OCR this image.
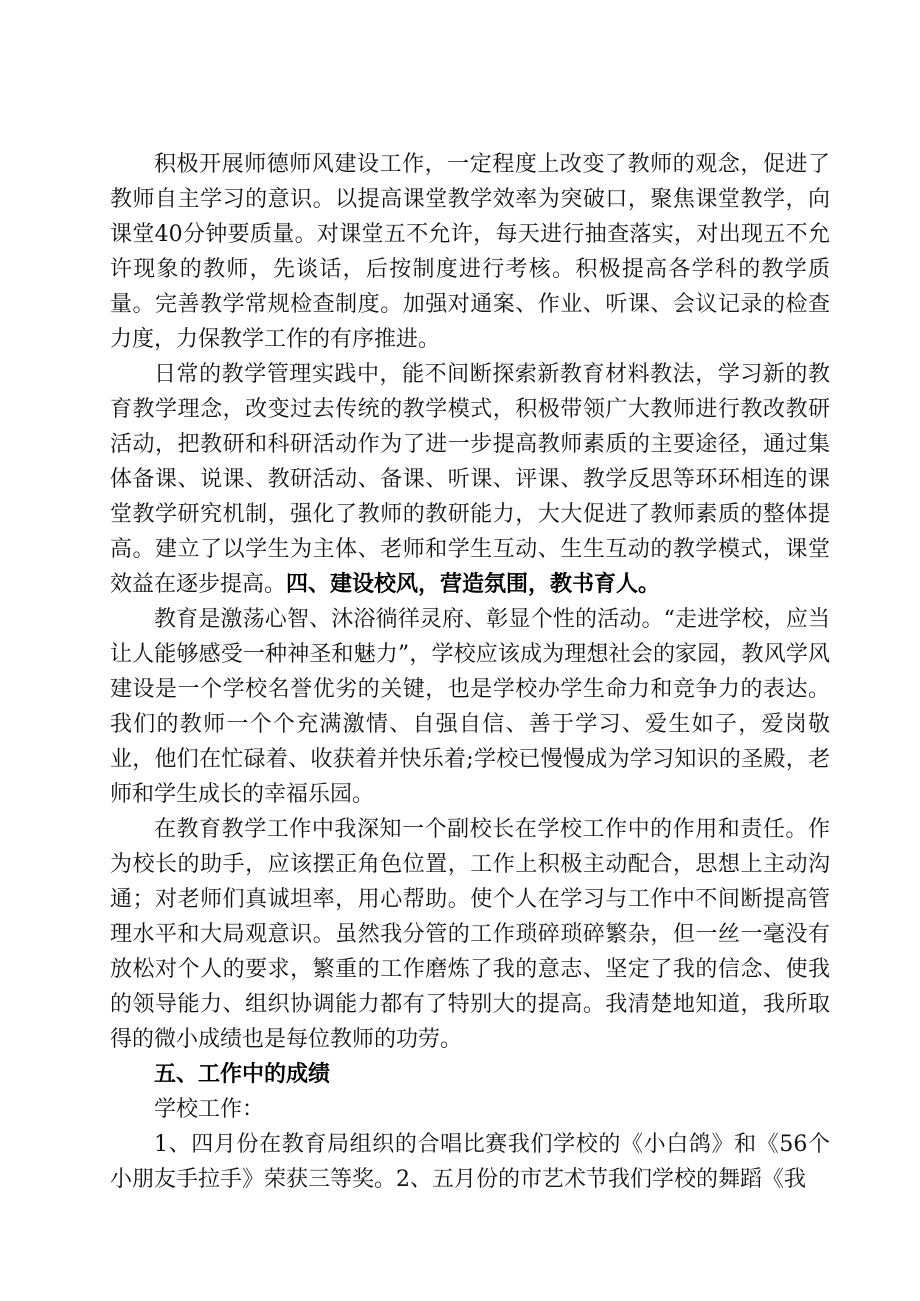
积极开展师德师风建设工作，一定程度上改变了教师的观念，促进了教师自主学习的意识。以提高课堂教学效率为突破口，聚焦课堂教学，向课堂40分钟要质量。对课堂五不允许，每天进行抽查落实，对出现五不允许现象的教师，先谈话，后按制度进行考核。积极提高各学科的教学质量。完善教学常规检查制度。加强对通案、作业、听课、会议记录的检查力度，力保教学工作的有序推进。

日常的教学管理实践中，能不间断探索新教育材料教法，学习新的教育教学理念，改变过去传统的教学模式，积极带领广大教师进行教改教研活动，把教研和科研活动作为了进一步提高教师素质的主要途径，通过集体备课、说课、教研活动、备课、听课、评课、教学反思等环环相连的课堂教学研究机制，强化了教师的教研能力，大大促进了教师素质的整体提高。建立了以学生为主体、老师和学生互动、生生互动的教学模式，课堂效益在逐步提高。四、建设校风，营造氛围，教书育人。

教育是激荡心智、沐浴徜徉灵府、彰显个性的活动。“走进学校，应当让人能够感受一种神圣和魅力”，学校应该成为理想社会的家园，教风学风建设是一个学校名誉优劣的关键，也是学校办学生命力和竞争力的表达。我们的教师一个个充满激情、自强自信、善于学习、爱生如子，爱岗敬业，他们在忙碌着、收获着并快乐着;学校已慢慢成为学习知识的圣殿，老师和学生成长的幸福乐园。

在教育教学工作中我深知一个副校长在学校工作中的作用和责任。作为校长的助手，应该摆正角色位置，工作上积极主动配合，思想上主动沟通；对老师们真诚坦率，用心帮助。使个人在学习与工作中不间断提高管理水平和大局观意识。虽然我分管的工作琐碎琐碎繁杂，但一丝一毫没有放松对个人的要求，繁重的工作磨炼了我的意志、坚定了我的信念、使我的领导能力、组织协调能力都有了特别大的提高。我清楚地知道，我所取得的微小成绩也是每位教师的功劳。

五、工作中的成绩

学校工作：

1、四月份在教育局组织的合唱比赛我们学校的《小白鸽》和《56个小朋友手拉手》荣获三等奖。2、五月份的市艺术节我们学校的舞蹈《我
